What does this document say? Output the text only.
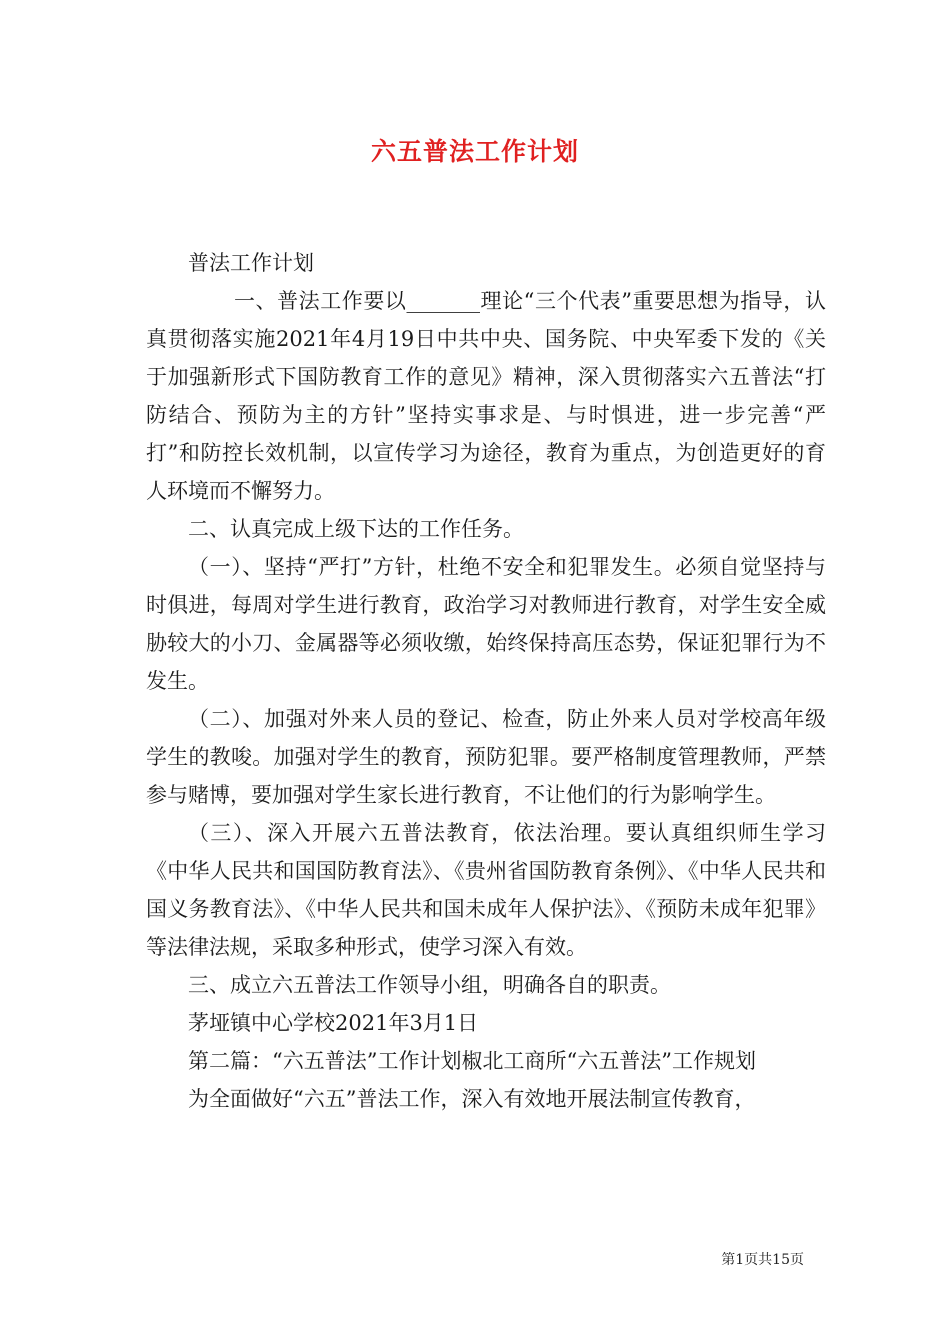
六五普法工作计划

普法工作计划

一、普法工作要以_______理论“三个代表”重要思想为指导，认真贯彻落实施2021年4月19日中共中央、国务院、中央军委下发的《关于加强新形式下国防教育工作的意见》精神，深入贯彻落实六五普法“打防结合、预防为主的方针”坚持实事求是、与时惧进，进一步完善“严打”和防控长效机制，以宣传学习为途径，教育为重点，为创造更好的育人环境而不懈努力。

二、认真完成上级下达的工作任务。

（一）、坚持“严打”方针，杜绝不安全和犯罪发生。必须自觉坚持与时俱进，每周对学生进行教育，政治学习对教师进行教育，对学生安全威胁较大的小刀、金属器等必须收缴，始终保持高压态势，保证犯罪行为不发生。

（二）、加强对外来人员的登记、检查，防止外来人员对学校高年级学生的教唆。加强对学生的教育，预防犯罪。要严格制度管理教师，严禁参与赌博，要加强对学生家长进行教育，不让他们的行为影响学生。

（三）、深入开展六五普法教育，依法治理。要认真组织师生学习《中华人民共和国国防教育法》、《贵州省国防教育条例》、《中华人民共和国义务教育法》、《中华人民共和国未成年人保护法》、《预防未成年犯罪》等法律法规，采取多种形式，使学习深入有效。

三、成立六五普法工作领导小组，明确各自的职责。

茅垭镇中心学校2021年3月1日

第二篇：“六五普法”工作计划椒北工商所“六五普法”工作规划

为全面做好“六五”普法工作，深入有效地开展法制宣传教育，

第1页共15页
